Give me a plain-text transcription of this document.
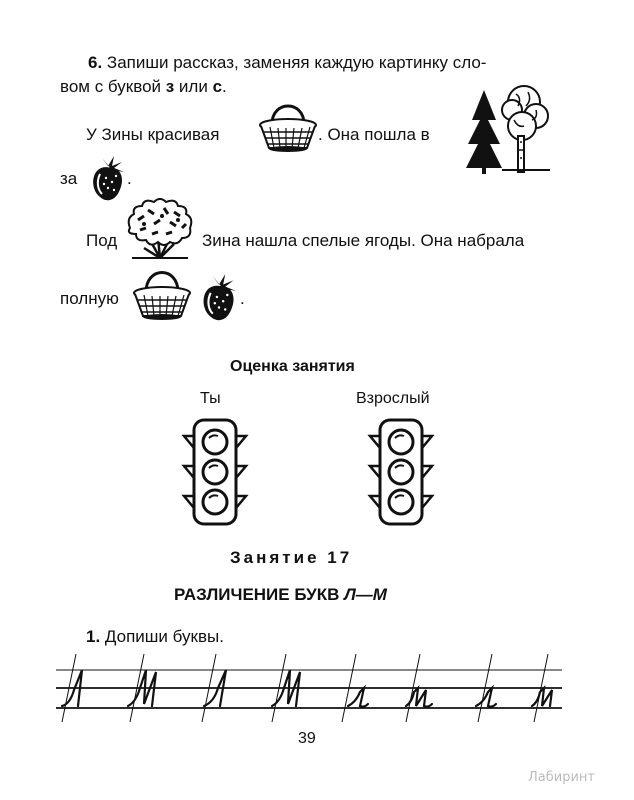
6. Запиши рассказ, заменяя каждую картинку сло-
вом с буквой з или с.
У Зины красивая	. Она пошла в
за	.
Под	Зина нашла спелые ягоды. Она набрала
полную	.
Оценка занятия
Ты	Взрослый
Занятие 17
РАЗЛИЧЕНИЕ БУКВ Л—М
1. Допиши буквы.
39
Лабиринт
